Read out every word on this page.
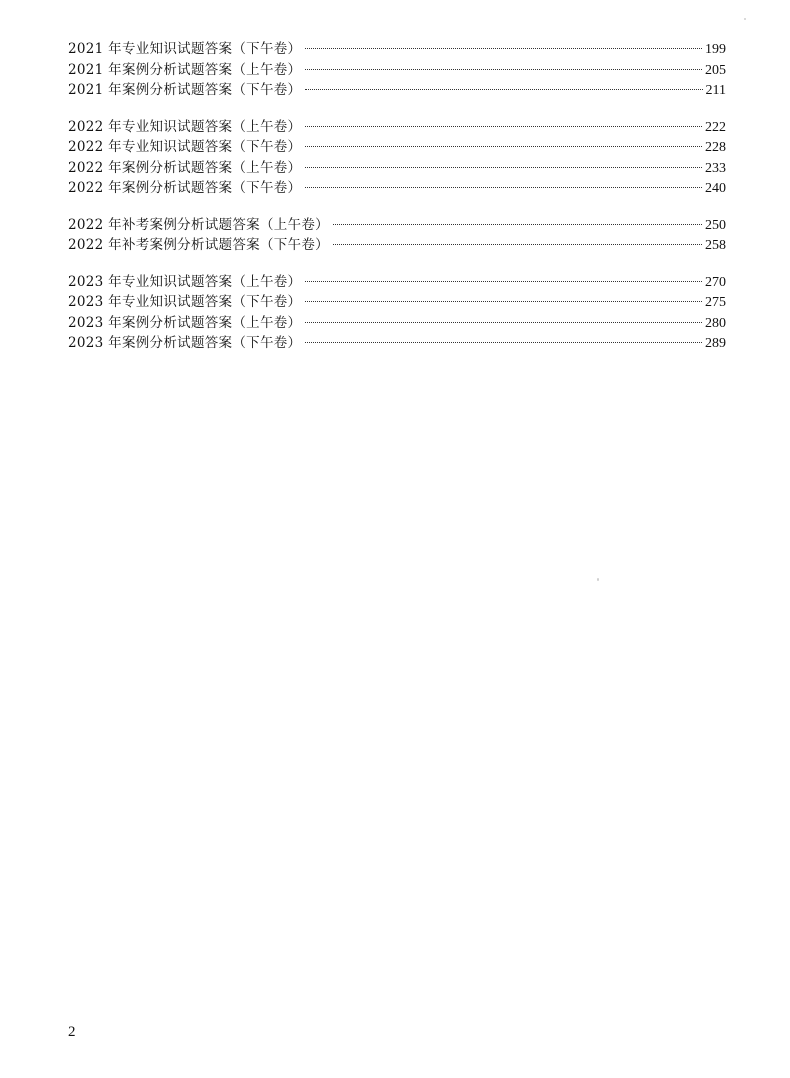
2021 年专业知识试题答案（下午卷）	199
2021 年案例分析试题答案（上午卷）	205
2021 年案例分析试题答案（下午卷）	211
2022 年专业知识试题答案（上午卷）	222
2022 年专业知识试题答案（下午卷）	228
2022 年案例分析试题答案（上午卷）	233
2022 年案例分析试题答案（下午卷）	240
2022 年补考案例分析试题答案（上午卷）	250
2022 年补考案例分析试题答案（下午卷）	258
2023 年专业知识试题答案（上午卷）	270
2023 年专业知识试题答案（下午卷）	275
2023 年案例分析试题答案（上午卷）	280
2023 年案例分析试题答案（下午卷）	289
2
